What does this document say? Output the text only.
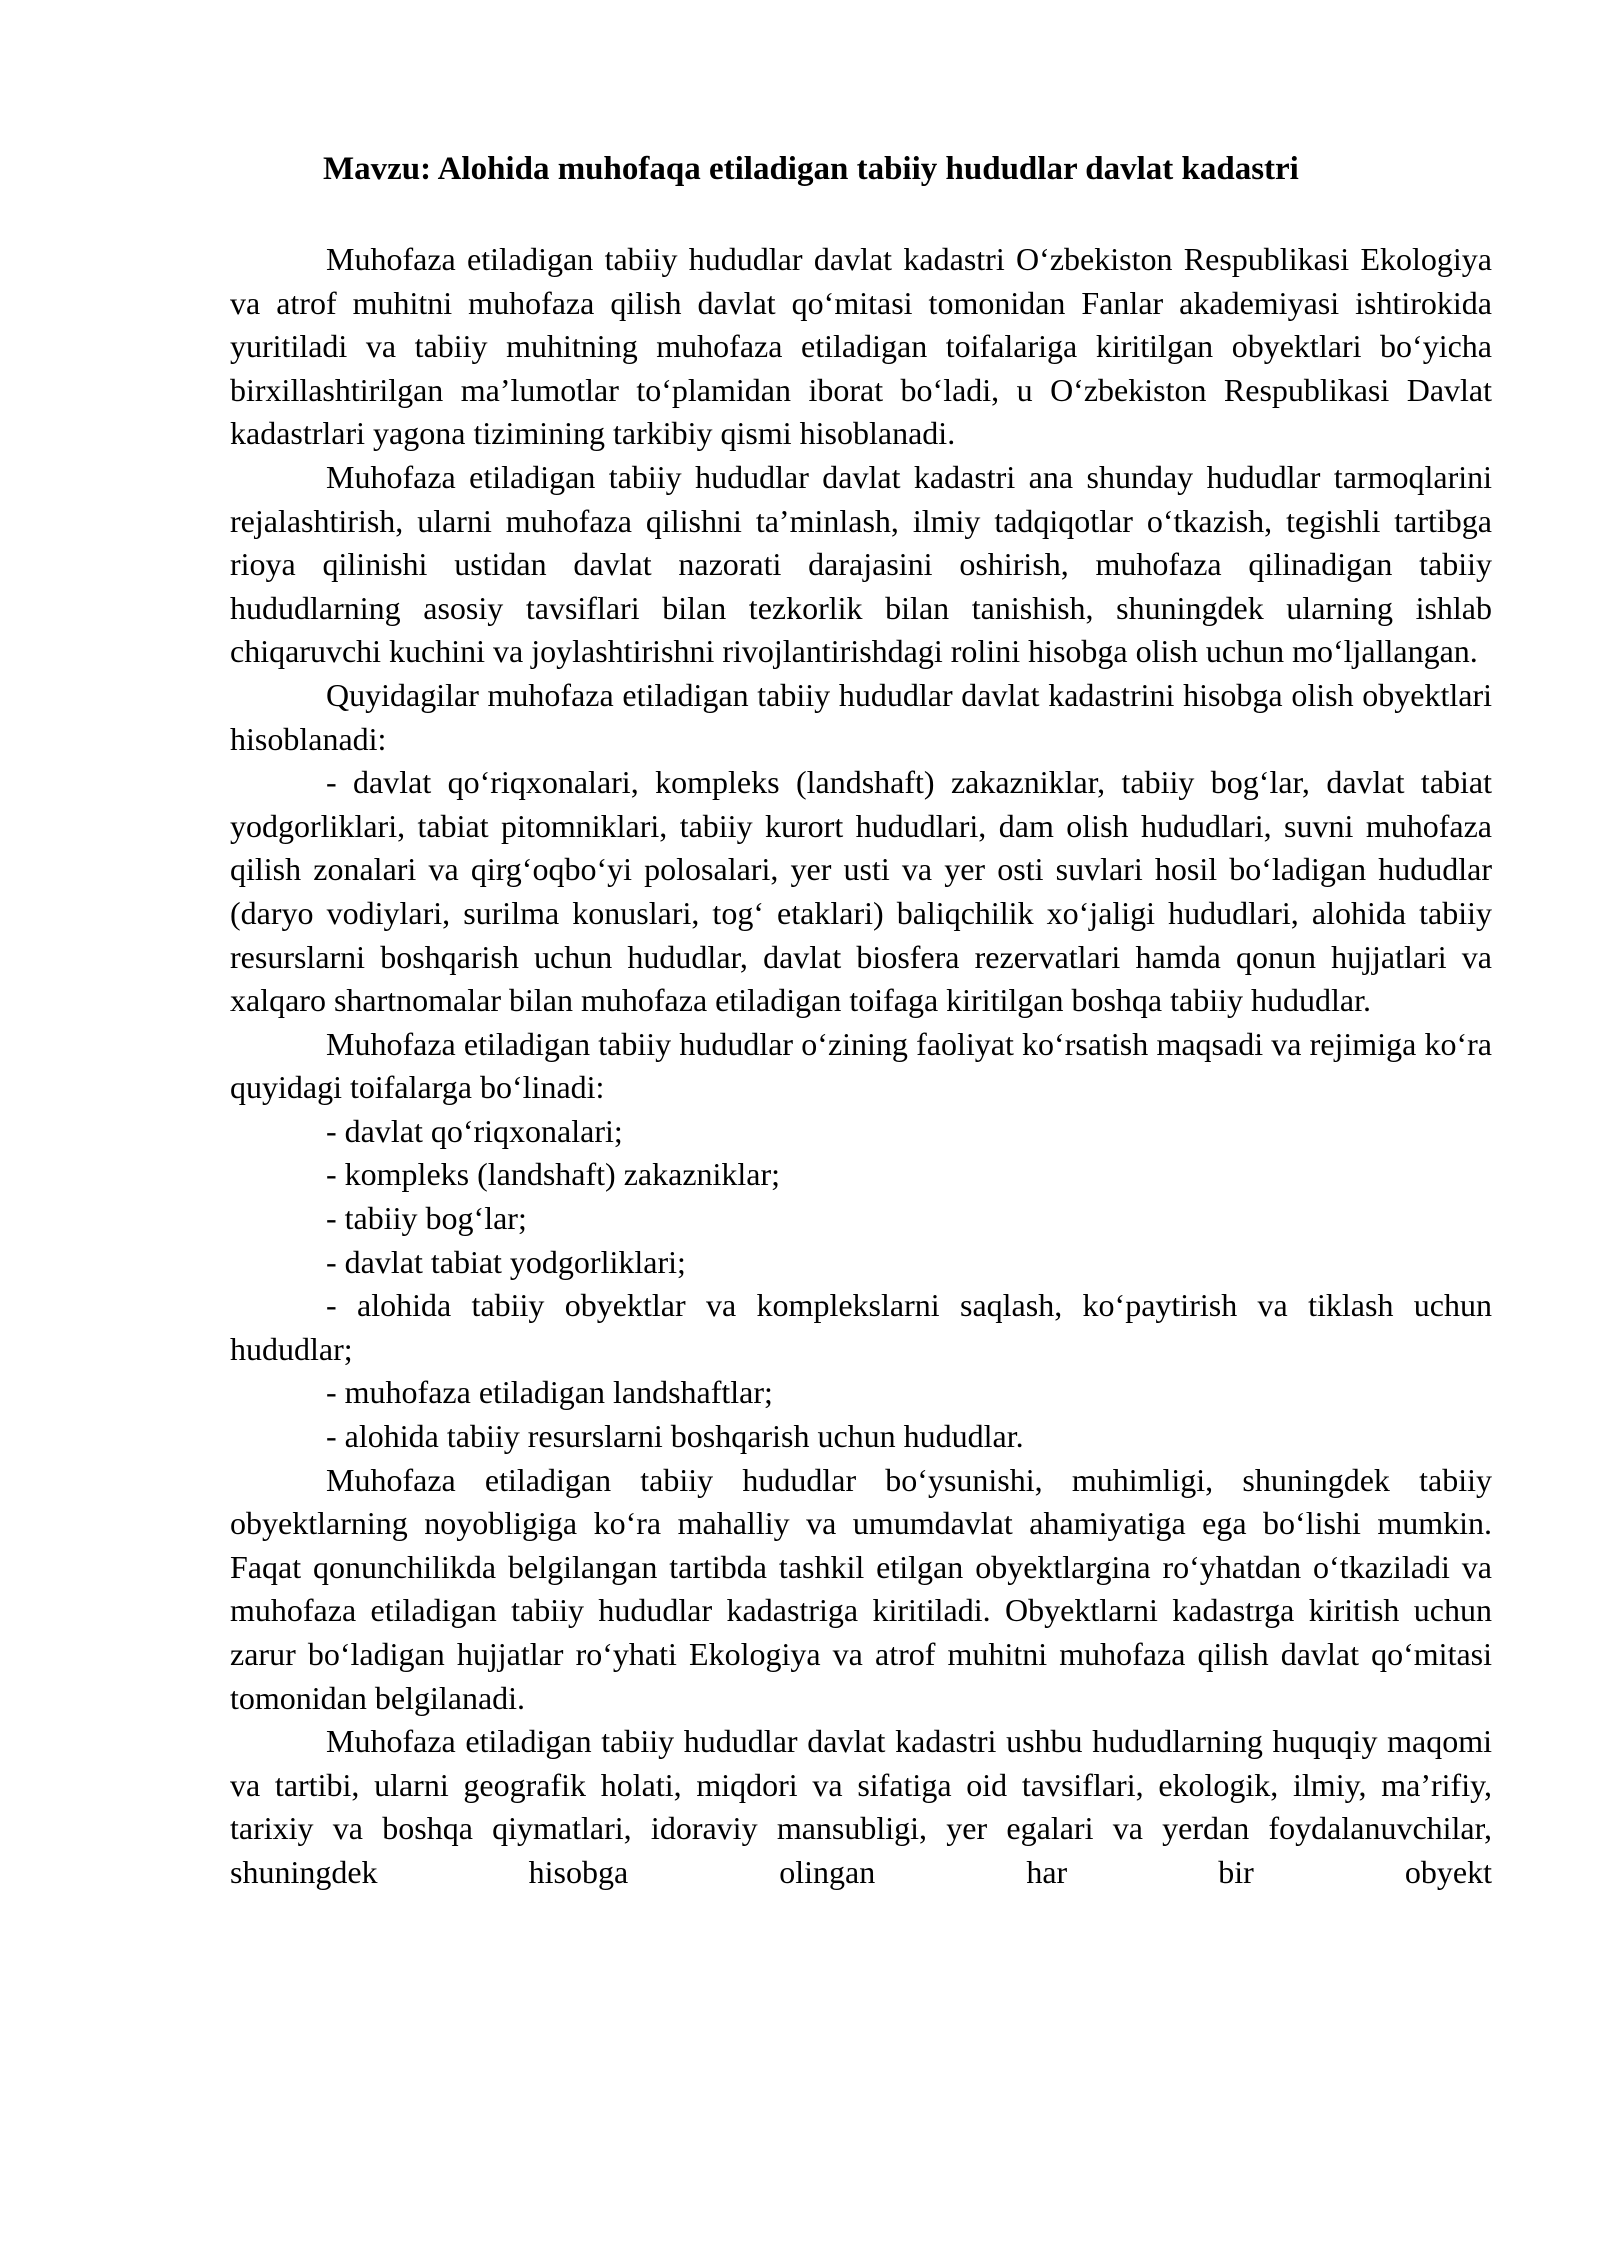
Mavzu: Alohida muhofaqa etiladigan tabiiy hududlar davlat kadastri

Muhofaza etiladigan tabiiy hududlar davlat kadastri O‘zbekiston Respublikasi Ekologiya va atrof muhitni muhofaza qilish davlat qo‘mitasi tomonidan Fanlar akademiyasi ishtirokida yuritiladi va tabiiy muhitning muhofaza etiladigan toifalariga kiritilgan obyektlari bo‘yicha birxillashtirilgan ma’lumotlar to‘plamidan iborat bo‘ladi, u O‘zbekiston Respublikasi Davlat kadastrlari yagona tizimining tarkibiy qismi hisoblanadi.

Muhofaza etiladigan tabiiy hududlar davlat kadastri ana shunday hududlar tarmoqlarini rejalashtirish, ularni muhofaza qilishni ta’minlash, ilmiy tadqiqotlar o‘tkazish, tegishli tartibga rioya qilinishi ustidan davlat nazorati darajasini oshirish, muhofaza qilinadigan tabiiy hududlarning asosiy tavsiflari bilan tezkorlik bilan tanishish, shuningdek ularning ishlab chiqaruvchi kuchini va joylashtirishni rivojlantirishdagi rolini hisobga olish uchun mo‘ljallangan.

Quyidagilar muhofaza etiladigan tabiiy hududlar davlat kadastrini hisobga olish obyektlari hisoblanadi:

- davlat qo‘riqxonalari, kompleks (landshaft) zakazniklar, tabiiy bog‘lar, davlat tabiat yodgorliklari, tabiat pitomniklari, tabiiy kurort hududlari, dam olish hududlari, suvni muhofaza qilish zonalari va qirg‘oqbo‘yi polosalari, yer usti va yer osti suvlari hosil bo‘ladigan hududlar (daryo vodiylari, surilma konuslari, tog‘ etaklari) baliqchilik xo‘jaligi hududlari, alohida tabiiy resurslarni boshqarish uchun hududlar, davlat biosfera rezervatlari hamda qonun hujjatlari va xalqaro shartnomalar bilan muhofaza etiladigan toifaga kiritilgan boshqa tabiiy hududlar.

Muhofaza etiladigan tabiiy hududlar o‘zining faoliyat ko‘rsatish maqsadi va rejimiga ko‘ra quyidagi toifalarga bo‘linadi:

- davlat qo‘riqxonalari;

- kompleks (landshaft) zakazniklar;

- tabiiy bog‘lar;

- davlat tabiat yodgorliklari;

- alohida tabiiy obyektlar va komplekslarni saqlash, ko‘paytirish va tiklash uchun hududlar;

- muhofaza etiladigan landshaftlar;

- alohida tabiiy resurslarni boshqarish uchun hududlar.

Muhofaza etiladigan tabiiy hududlar bo‘ysunishi, muhimligi, shuningdek tabiiy obyektlarning noyobligiga ko‘ra mahalliy va umumdavlat ahamiyatiga ega bo‘lishi mumkin. Faqat qonunchilikda belgilangan tartibda tashkil etilgan obyektlargina ro‘yhatdan o‘tkaziladi va muhofaza etiladigan tabiiy hududlar kadastriga kiritiladi. Obyektlarni kadastrga kiritish uchun zarur bo‘ladigan hujjatlar ro‘yhati Ekologiya va atrof muhitni muhofaza qilish davlat qo‘mitasi tomonidan belgilanadi.

Muhofaza etiladigan tabiiy hududlar davlat kadastri ushbu hududlarning huquqiy maqomi va tartibi, ularni geografik holati, miqdori va sifatiga oid tavsiflari, ekologik, ilmiy, ma’rifiy, tarixiy va boshqa qiymatlari, idoraviy mansubligi, yer egalari va yerdan foydalanuvchilar, shuningdek hisobga olingan har bir obyekt
